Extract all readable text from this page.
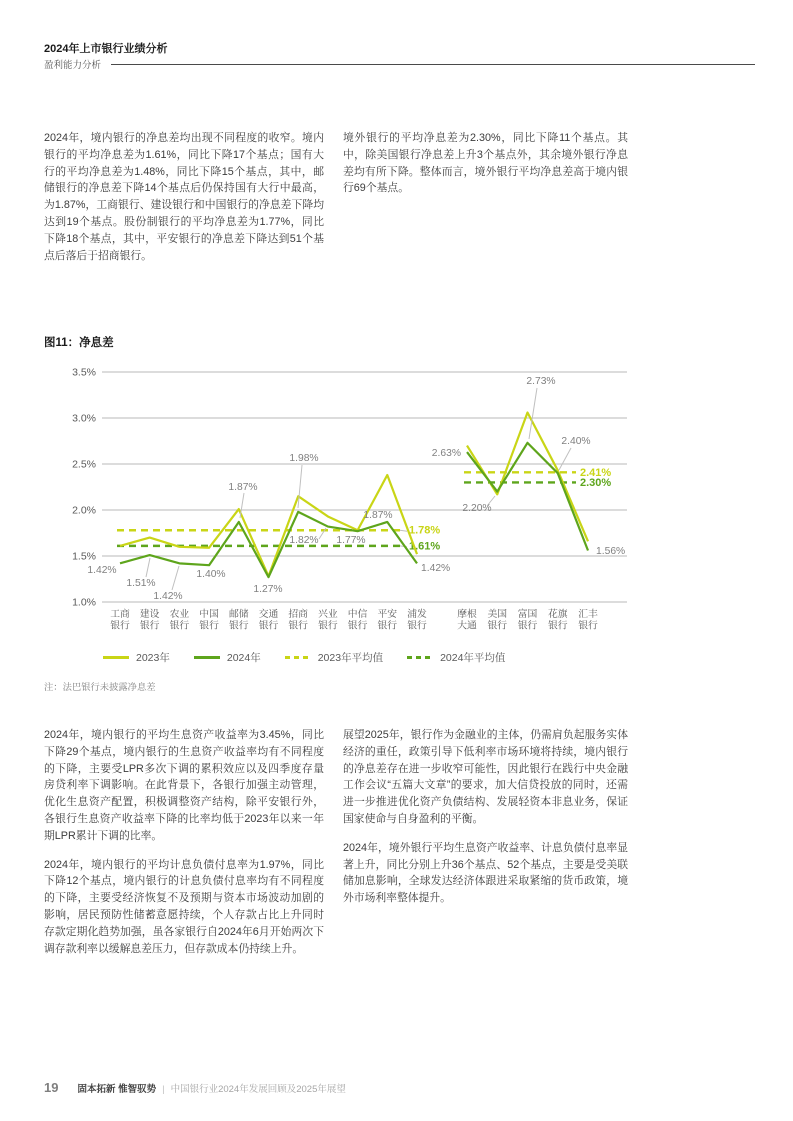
2024年上市银行业绩分析
盈利能力分析

2024年，境内银行的净息差均出现不同程度的收窄。境内银行的平均净息差为1.61%，同比下降17个基点；国有大行的平均净息差为1.48%，同比下降15个基点，其中，邮储银行的净息差下降14个基点后仍保持国有大行中最高，为1.87%，工商银行、建设银行和中国银行的净息差下降均达到19个基点。股份制银行的平均净息差为1.77%，同比下降18个基点，其中，平安银行的净息差下降达到51个基点后落后于招商银行。

境外银行的平均净息差为2.30%，同比下降11个基点。其中，除美国银行净息差上升3个基点外，其余境外银行净息差均有所下降。整体而言，境外银行平均净息差高于境内银行69个基点。

图11：净息差
3.5%
3.0%
2.5%
2.0%
1.5%
1.0%
工商银行
建设银行
农业银行
中国银行
邮储银行
交通银行
招商银行
兴业银行
中信银行
平安银行
浦发银行
1.78%
1.61%
摩根大通
美国银行
富国银行
花旗银行
汇丰银行
2.41%
2.30%
1.42%
1.51%
1.42%
1.40%
1.87%
1.27%
1.98%
1.82% 1.77%
1.87%
1.42%
2.63%
2.20%
2.73%
2.40%
1.56%
2023年	2024年	2023年平均值	2024年平均值
注：法巴银行未披露净息差

2024年，境内银行的平均生息资产收益率为3.45%，同比下降29个基点，境内银行的生息资产收益率均有不同程度的下降，主要受LPR多次下调的累积效应以及四季度存量房贷利率下调影响。在此背景下，各银行加强主动管理，优化生息资产配置，积极调整资产结构，除平安银行外，各银行生息资产收益率下降的比率均低于2023年以来一年期LPR累计下调的比率。

2024年，境内银行的平均计息负债付息率为1.97%，同比下降12个基点，境内银行的计息负债付息率均有不同程度的下降，主要受经济恢复不及预期与资本市场波动加剧的影响，居民预防性储蓄意愿持续，个人存款占比上升同时存款定期化趋势加强，虽各家银行自2024年6月开始两次下调存款利率以缓解息差压力，但存款成本仍持续上升。

展望2025年，银行作为金融业的主体，仍需肩负起服务实体经济的重任，政策引导下低利率市场环境将持续，境内银行的净息差存在进一步收窄可能性，因此银行在践行中央金融工作会议“五篇大文章”的要求，加大信贷投放的同时，还需进一步推进优化资产负债结构、发展轻资本非息业务，保证国家使命与自身盈利的平衡。

2024年，境外银行平均生息资产收益率、计息负债付息率显著上升，同比分别上升36个基点、52个基点，主要是受美联储加息影响，全球发达经济体跟进采取紧缩的货币政策，境外市场利率整体提升。

19 固本拓新 惟智驭势 | 中国银行业2024年发展回顾及2025年展望
